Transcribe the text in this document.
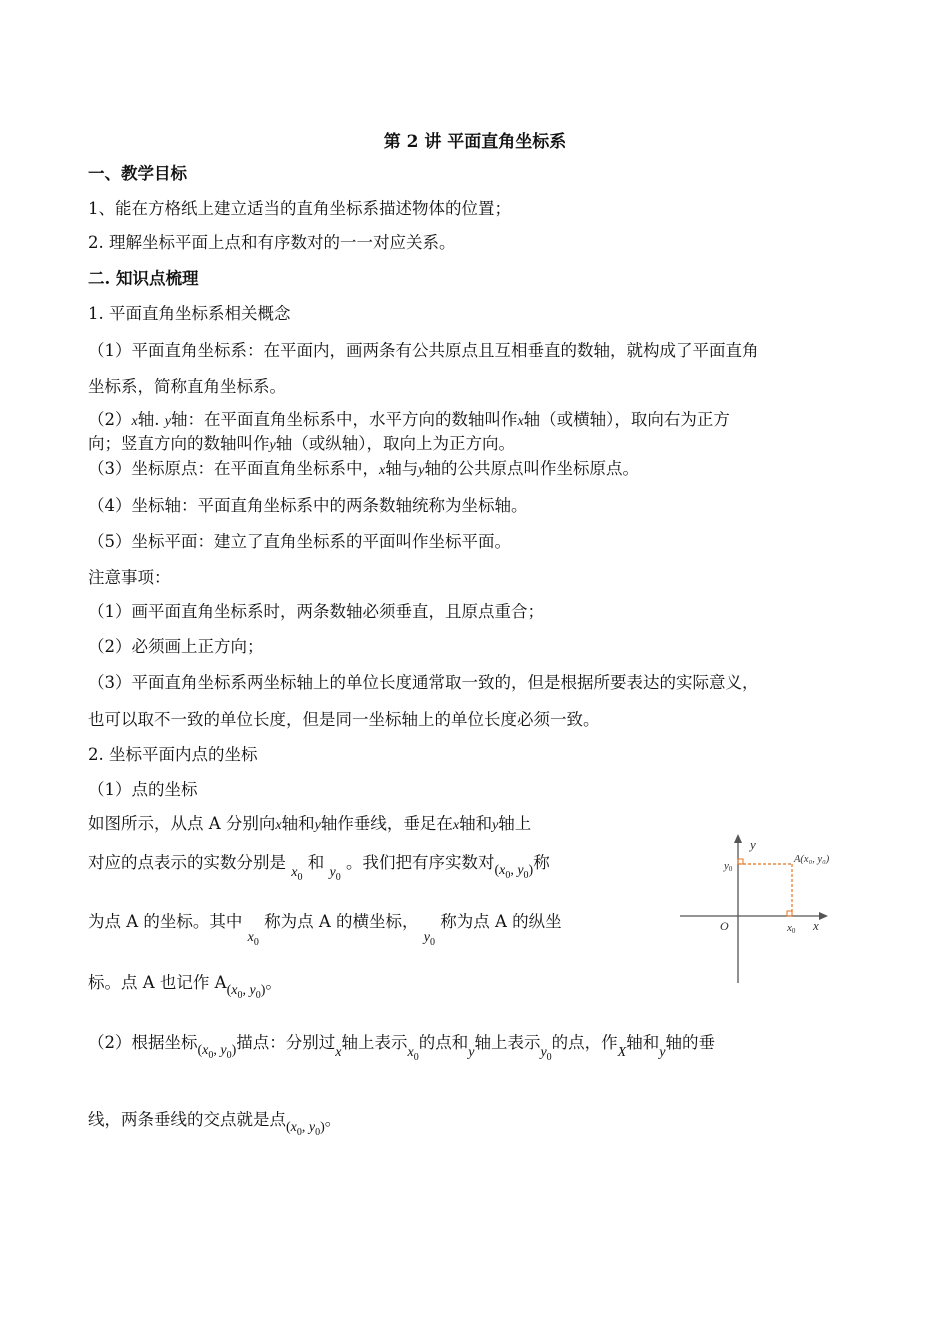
第 2 讲 平面直角坐标系
一、教学目标
1、能在方格纸上建立适当的直角坐标系描述物体的位置；
2. 理解坐标平面上点和有序数对的一一对应关系。
二. 知识点梳理
1. 平面直角坐标系相关概念
（1）平面直角坐标系：在平面内，画两条有公共原点且互相垂直的数轴，就构成了平面直角
坐标系，简称直角坐标系。
（2）x轴. y轴：在平面直角坐标系中，水平方向的数轴叫作x轴（或横轴），取向右为正方
向；竖直方向的数轴叫作y轴（或纵轴），取向上为正方向。
（3）坐标原点：在平面直角坐标系中，x轴与y轴的公共原点叫作坐标原点。
（4）坐标轴：平面直角坐标系中的两条数轴统称为坐标轴。
（5）坐标平面：建立了直角坐标系的平面叫作坐标平面。
注意事项：
（1）画平面直角坐标系时，两条数轴必须垂直，且原点重合；
（2）必须画上正方向；
（3）平面直角坐标系两坐标轴上的单位长度通常取一致的，但是根据所要表达的实际意义，
也可以取不一致的单位长度，但是同一坐标轴上的单位长度必须一致。
2. 坐标平面内点的坐标
（1）点的坐标
如图所示，从点 A 分别向x轴和y轴作垂线，垂足在x轴和y轴上
对应的点表示的实数分别是 $_{x_0}$ 和 $_{y_0}$ 。我们把有序实数对$_{(x_0, y_0)}$称
为点 A 的坐标。其中 $_{x_0}$ 称为点 A 的横坐标， $_{y_0}$ 称为点 A 的纵坐
标。点 A 也记作 $A_{(x_0, y_0)}$。
（2）根据坐标$_{(x_0, y_0)}$描点：分别过$_x$轴上表示$_{x_0}$的点和$_y$轴上表示$_{y_0}$的点，作$_X$轴和$_y$轴的垂
线，两条垂线的交点就是点$_{(x_0, y_0)}$。
y
x
O
y0
x0
A(x₀, y₀)
